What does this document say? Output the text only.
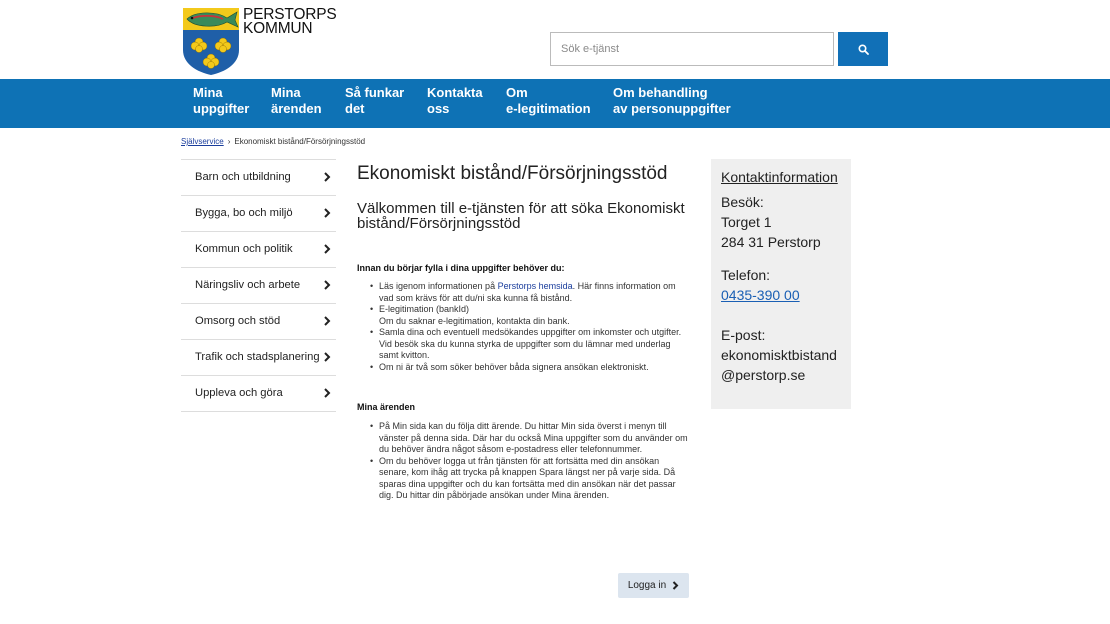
PERSTORPS
KOMMUN
Sök e-tjänst
Mina
uppgifter
Mina
ärenden
Så funkar
det
Kontakta
oss
Om
e-legitimation
Om behandling
av personuppgifter
Självservice › Ekonomiskt bistånd/Försörjningsstöd
Barn och utbildning
Bygga, bo och miljö
Kommun och politik
Näringsliv och arbete
Omsorg och stöd
Trafik och stadsplanering
Uppleva och göra
Ekonomiskt bistånd/Försörjningsstöd
Välkommen till e-tjänsten för att söka Ekonomiskt bistånd/Försörjningsstöd
Innan du börjar fylla i dina uppgifter behöver du:
• Läs igenom informationen på Perstorps hemsida. Här finns information om vad som krävs för att du/ni ska kunna få bistånd.
• E-legitimation (bankId)
Om du saknar e-legitimation, kontakta din bank.
• Samla dina och eventuell medsökandes uppgifter om inkomster och utgifter. Vid besök ska du kunna styrka de uppgifter som du lämnar med underlag samt kvitton.
• Om ni är två som söker behöver båda signera ansökan elektroniskt.
Mina ärenden
• På Min sida kan du följa ditt ärende. Du hittar Min sida överst i menyn till vänster på denna sida. Där har du också Mina uppgifter som du använder om du behöver ändra något såsom e-postadress eller telefonnummer.
• Om du behöver logga ut från tjänsten för att fortsätta med din ansökan senare, kom ihåg att trycka på knappen Spara längst ner på varje sida. Då sparas dina uppgifter och du kan fortsätta med din ansökan när det passar dig. Du hittar din påbörjade ansökan under Mina ärenden.
Logga in
Kontaktinformation
Besök:
Torget 1
284 31 Perstorp
Telefon:
0435-390 00
E-post:
ekonomisktbistand
@perstorp.se
